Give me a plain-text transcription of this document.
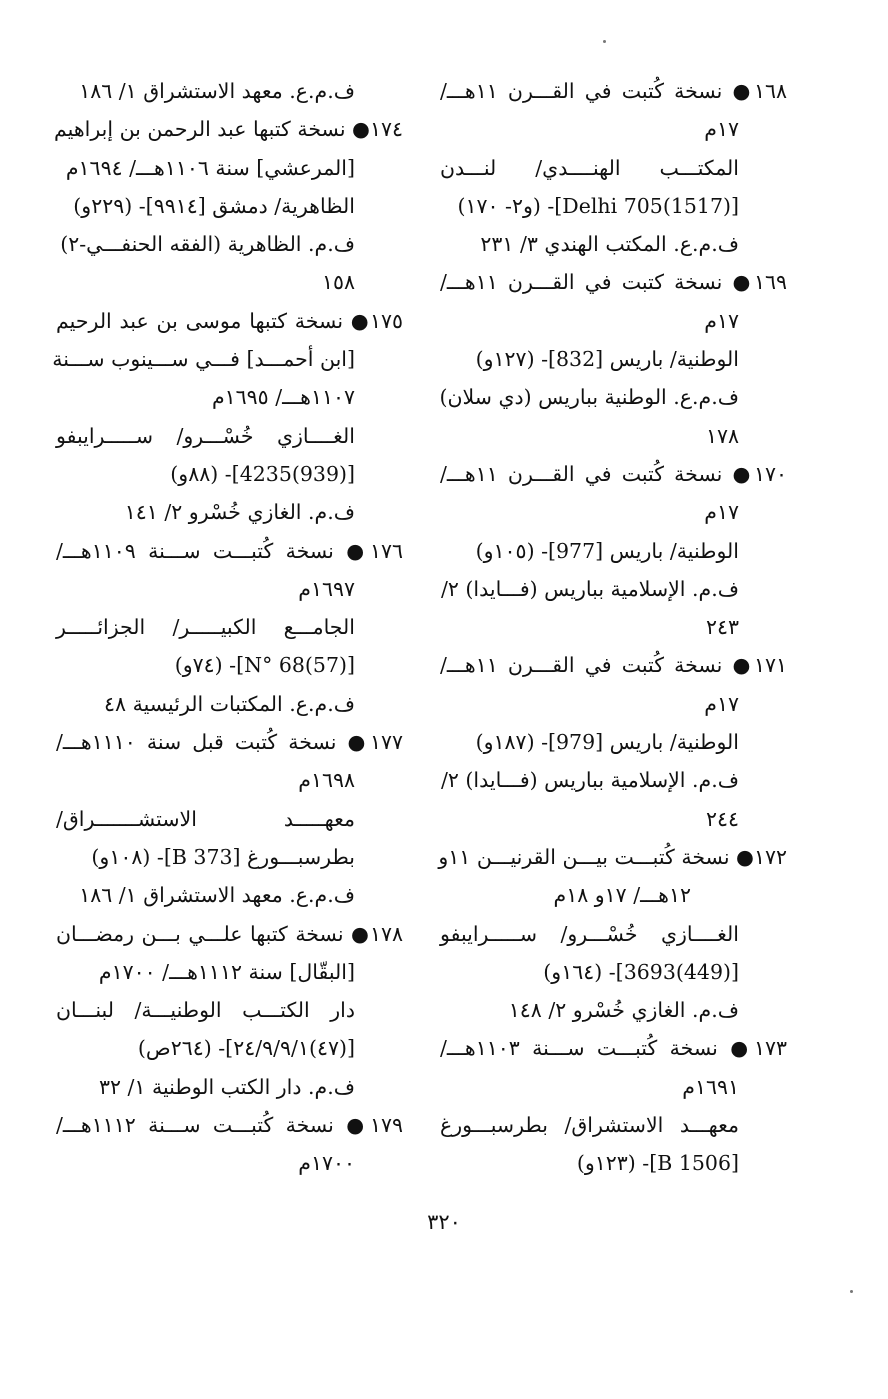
١٦٨● نسخة كُتبت في القـــرن ١١هـــ/
١٧م
المكتـــب الهنــــدي/ لنـــدن
[(1517)Delhi 705]- (و٢- ١٧٠)
ف.م.ع. المكتب الهندي ٣/ ٢٣١
١٦٩● نسخة كتبت في القـــرن ١١هـــ/
١٧م
الوطنية/ باريس [832]- (١٢٧و)
ف.م.ع. الوطنية بباريس (دي سلان)
١٧٨
١٧٠● نسخة كُتبت في القـــرن ١١هـــ/
١٧م
الوطنية/ باريس [977]- (١٠٥و)
ف.م. الإسلامية بباريس (فـــايدا) ٢/
٢٤٣
١٧١● نسخة كُتبت في القـــرن ١١هـــ/
١٧م
الوطنية/ باريس [979]- (١٨٧و)
ف.م. الإسلامية بباريس (فـــايدا) ٢/
٢٤٤
١٧٢● نسخة كُتبـــت بيـــن القرنيـــن ١١و
١٢هـــ/ ١٧و ١٨م
الغــــازي خُسْـــرو/ ســـــرايبفو
[(449)3693]- (١٦٤و)
ف.م. الغازي خُسْرو ٢/ ١٤٨
١٧٣● نسخة كُتبـــت ســـنة ١١٠٣هـــ/
١٦٩١م
معهـــد الاستشراق/ بطرسبـــورغ
[B 1506]- (١٢٣و)
ف.م.ع. معهد الاستشراق ١/ ١٨٦
١٧٤● نسخة كتبها عبد الرحمن بن إبراهيم
[المرعشي] سنة ١١٠٦هـــ/ ١٦٩٤م
الظاهرية/ دمشق [٩٩١٤]- (٢٢٩و)
ف.م. الظاهرية (الفقه الحنفـــي-٢)
١٥٨
١٧٥● نسخة كتبها موسى بن عبد الرحيم
[ابن أحمـــد] فـــي ســـينوب ســـنة
١١٠٧هـــ/ ١٦٩٥م
الغــــازي خُسْـــرو/ ســـــرايبفو
[(939)4235]- (٨٨و)
ف.م. الغازي خُسْرو ٢/ ١٤١
١٧٦● نسخة كُتبـــت ســـنة ١١٠٩هـــ/
١٦٩٧م
الجامـــع الكبيـــــر/ الجزائـــــر
[N° 68(57)]- (٧٤و)
ف.م.ع. المكتبات الرئيسية ٤٨
١٧٧● نسخة كُتبت قبل سنة ١١١٠هـــ/
١٦٩٨م
معهـــــد الاستشـــــــراق/
بطرسبـــورغ [B 373]- (١٠٨و)
ف.م.ع. معهد الاستشراق ١/ ١٨٦
١٧٨● نسخة كتبها علـــي بـــن رمضـــان
[البقّال] سنة ١١١٢هـــ/ ١٧٠٠م
دار الكتـــب الوطنيـــة/ لبنـــان
[(٤٧)٢٤/٩/٩/١]- (٢٦٤ص)
ف.م. دار الكتب الوطنية ١/ ٣٢
١٧٩● نسخة كُتبـــت ســـنة ١١١٢هـــ/
١٧٠٠م
٣٢٠
